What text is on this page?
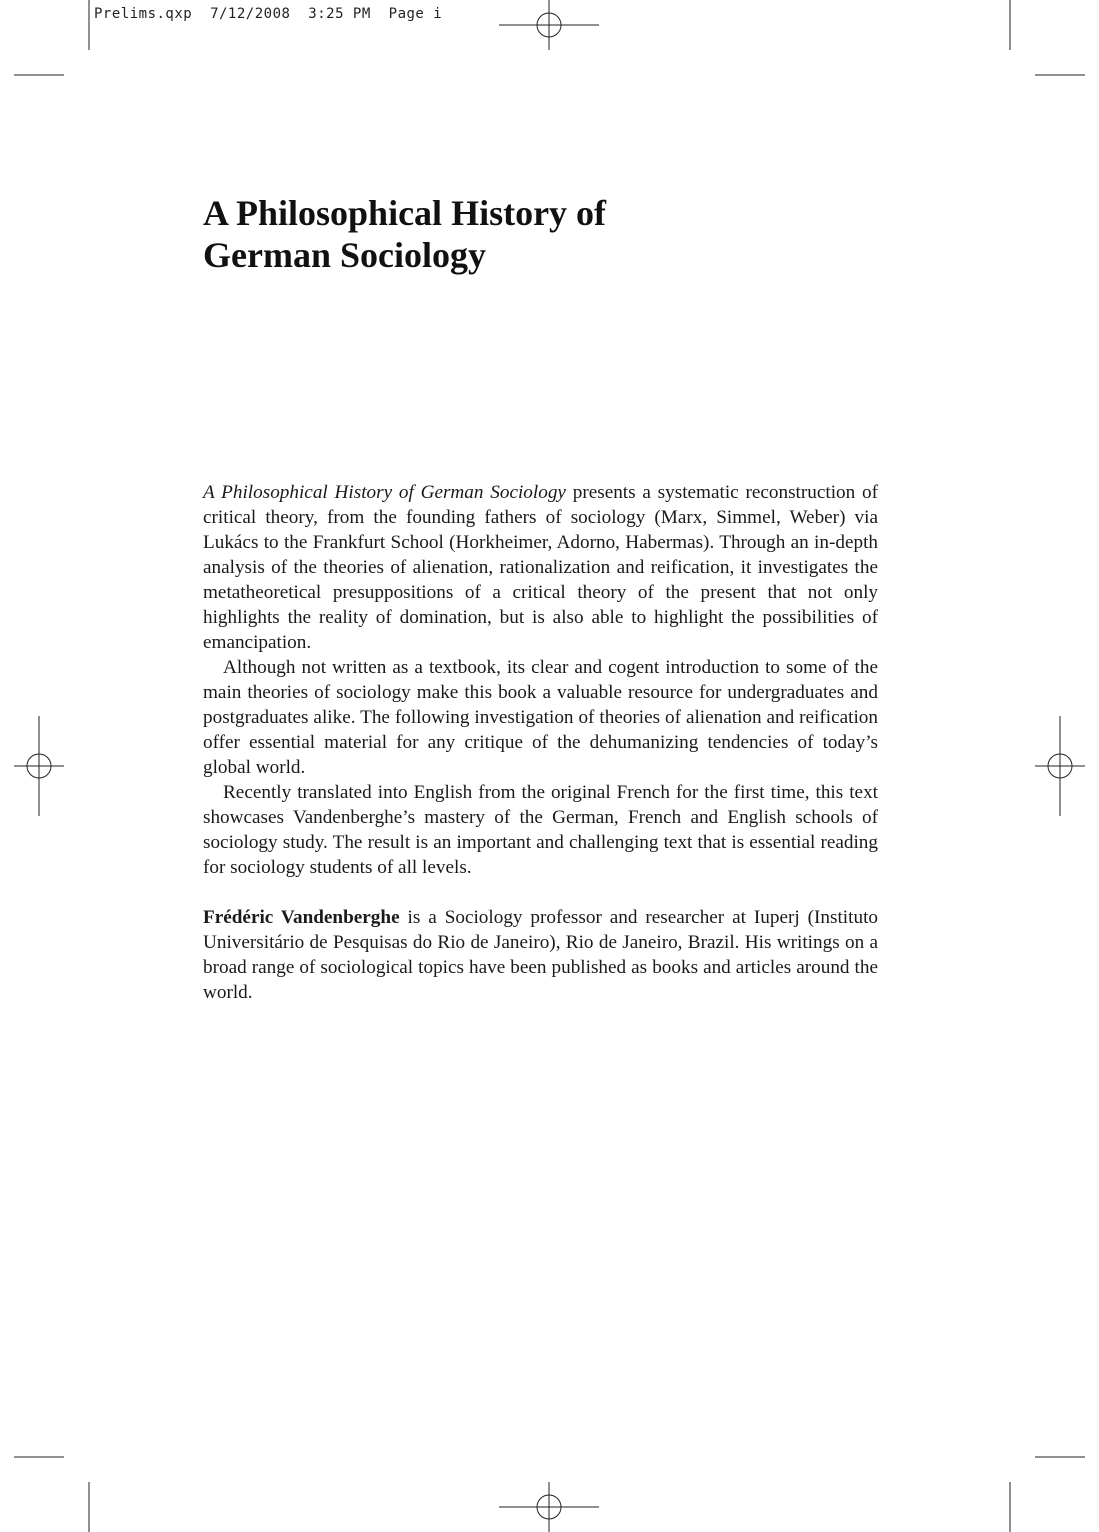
Prelims.qxp  7/12/2008  3:25 PM  Page i
A Philosophical History of
German Sociology

A Philosophical History of German Sociology presents a systematic reconstruction of critical theory, from the founding fathers of sociology (Marx, Simmel, Weber) via Lukács to the Frankfurt School (Horkheimer, Adorno, Habermas). Through an in-depth analysis of the theories of alienation, rationalization and reification, it investigates the metatheoretical presuppositions of a critical theory of the present that not only highlights the reality of domination, but is also able to highlight the possibilities of emancipation.

Although not written as a textbook, its clear and cogent introduction to some of the main theories of sociology make this book a valuable resource for undergraduates and postgraduates alike. The following investigation of theories of alienation and reification offer essential material for any critique of the dehumanizing tendencies of today’s global world.

Recently translated into English from the original French for the first time, this text showcases Vandenberghe’s mastery of the German, French and English schools of sociology study. The result is an important and challenging text that is essential reading for sociology students of all levels.

Frédéric Vandenberghe is a Sociology professor and researcher at Iuperj (Instituto Universitário de Pesquisas do Rio de Janeiro), Rio de Janeiro, Brazil. His writings on a broad range of sociological topics have been published as books and articles around the world.
